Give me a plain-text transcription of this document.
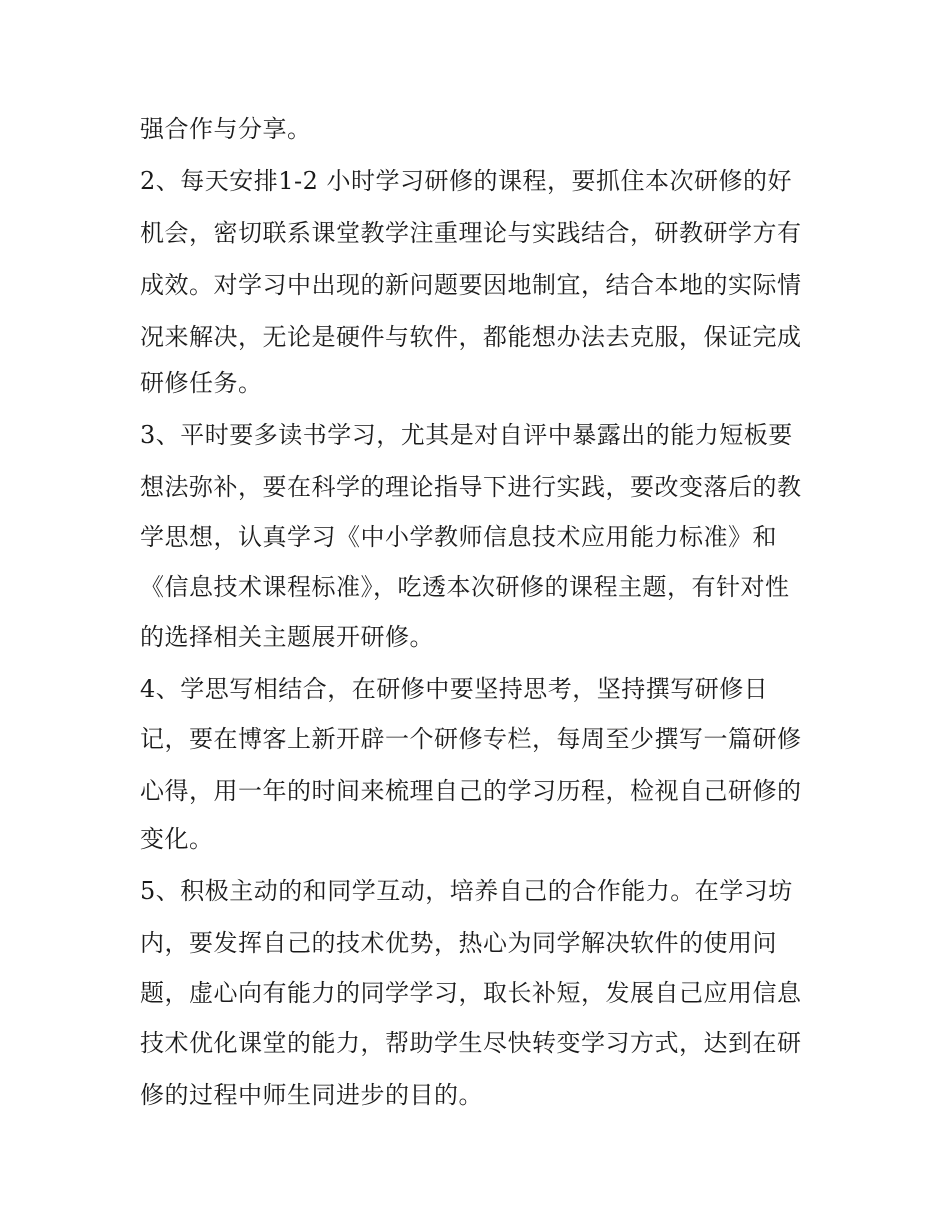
强合作与分享。
2、每天安排1-2 小时学习研修的课程，要抓住本次研修的好
机会，密切联系课堂教学注重理论与实践结合，研教研学方有
成效。对学习中出现的新问题要因地制宜，结合本地的实际情
况来解决，无论是硬件与软件，都能想办法去克服，保证完成
研修任务。
3、平时要多读书学习，尤其是对自评中暴露出的能力短板要
想法弥补，要在科学的理论指导下进行实践，要改变落后的教
学思想，认真学习《中小学教师信息技术应用能力标准》和
《信息技术课程标准》，吃透本次研修的课程主题，有针对性
的选择相关主题展开研修。
4、学思写相结合，在研修中要坚持思考，坚持撰写研修日
记，要在博客上新开辟一个研修专栏，每周至少撰写一篇研修
心得，用一年的时间来梳理自己的学习历程，检视自己研修的
变化。
5、积极主动的和同学互动，培养自己的合作能力。在学习坊
内，要发挥自己的技术优势，热心为同学解决软件的使用问
题，虚心向有能力的同学学习，取长补短，发展自己应用信息
技术优化课堂的能力，帮助学生尽快转变学习方式，达到在研
修的过程中师生同进步的目的。
